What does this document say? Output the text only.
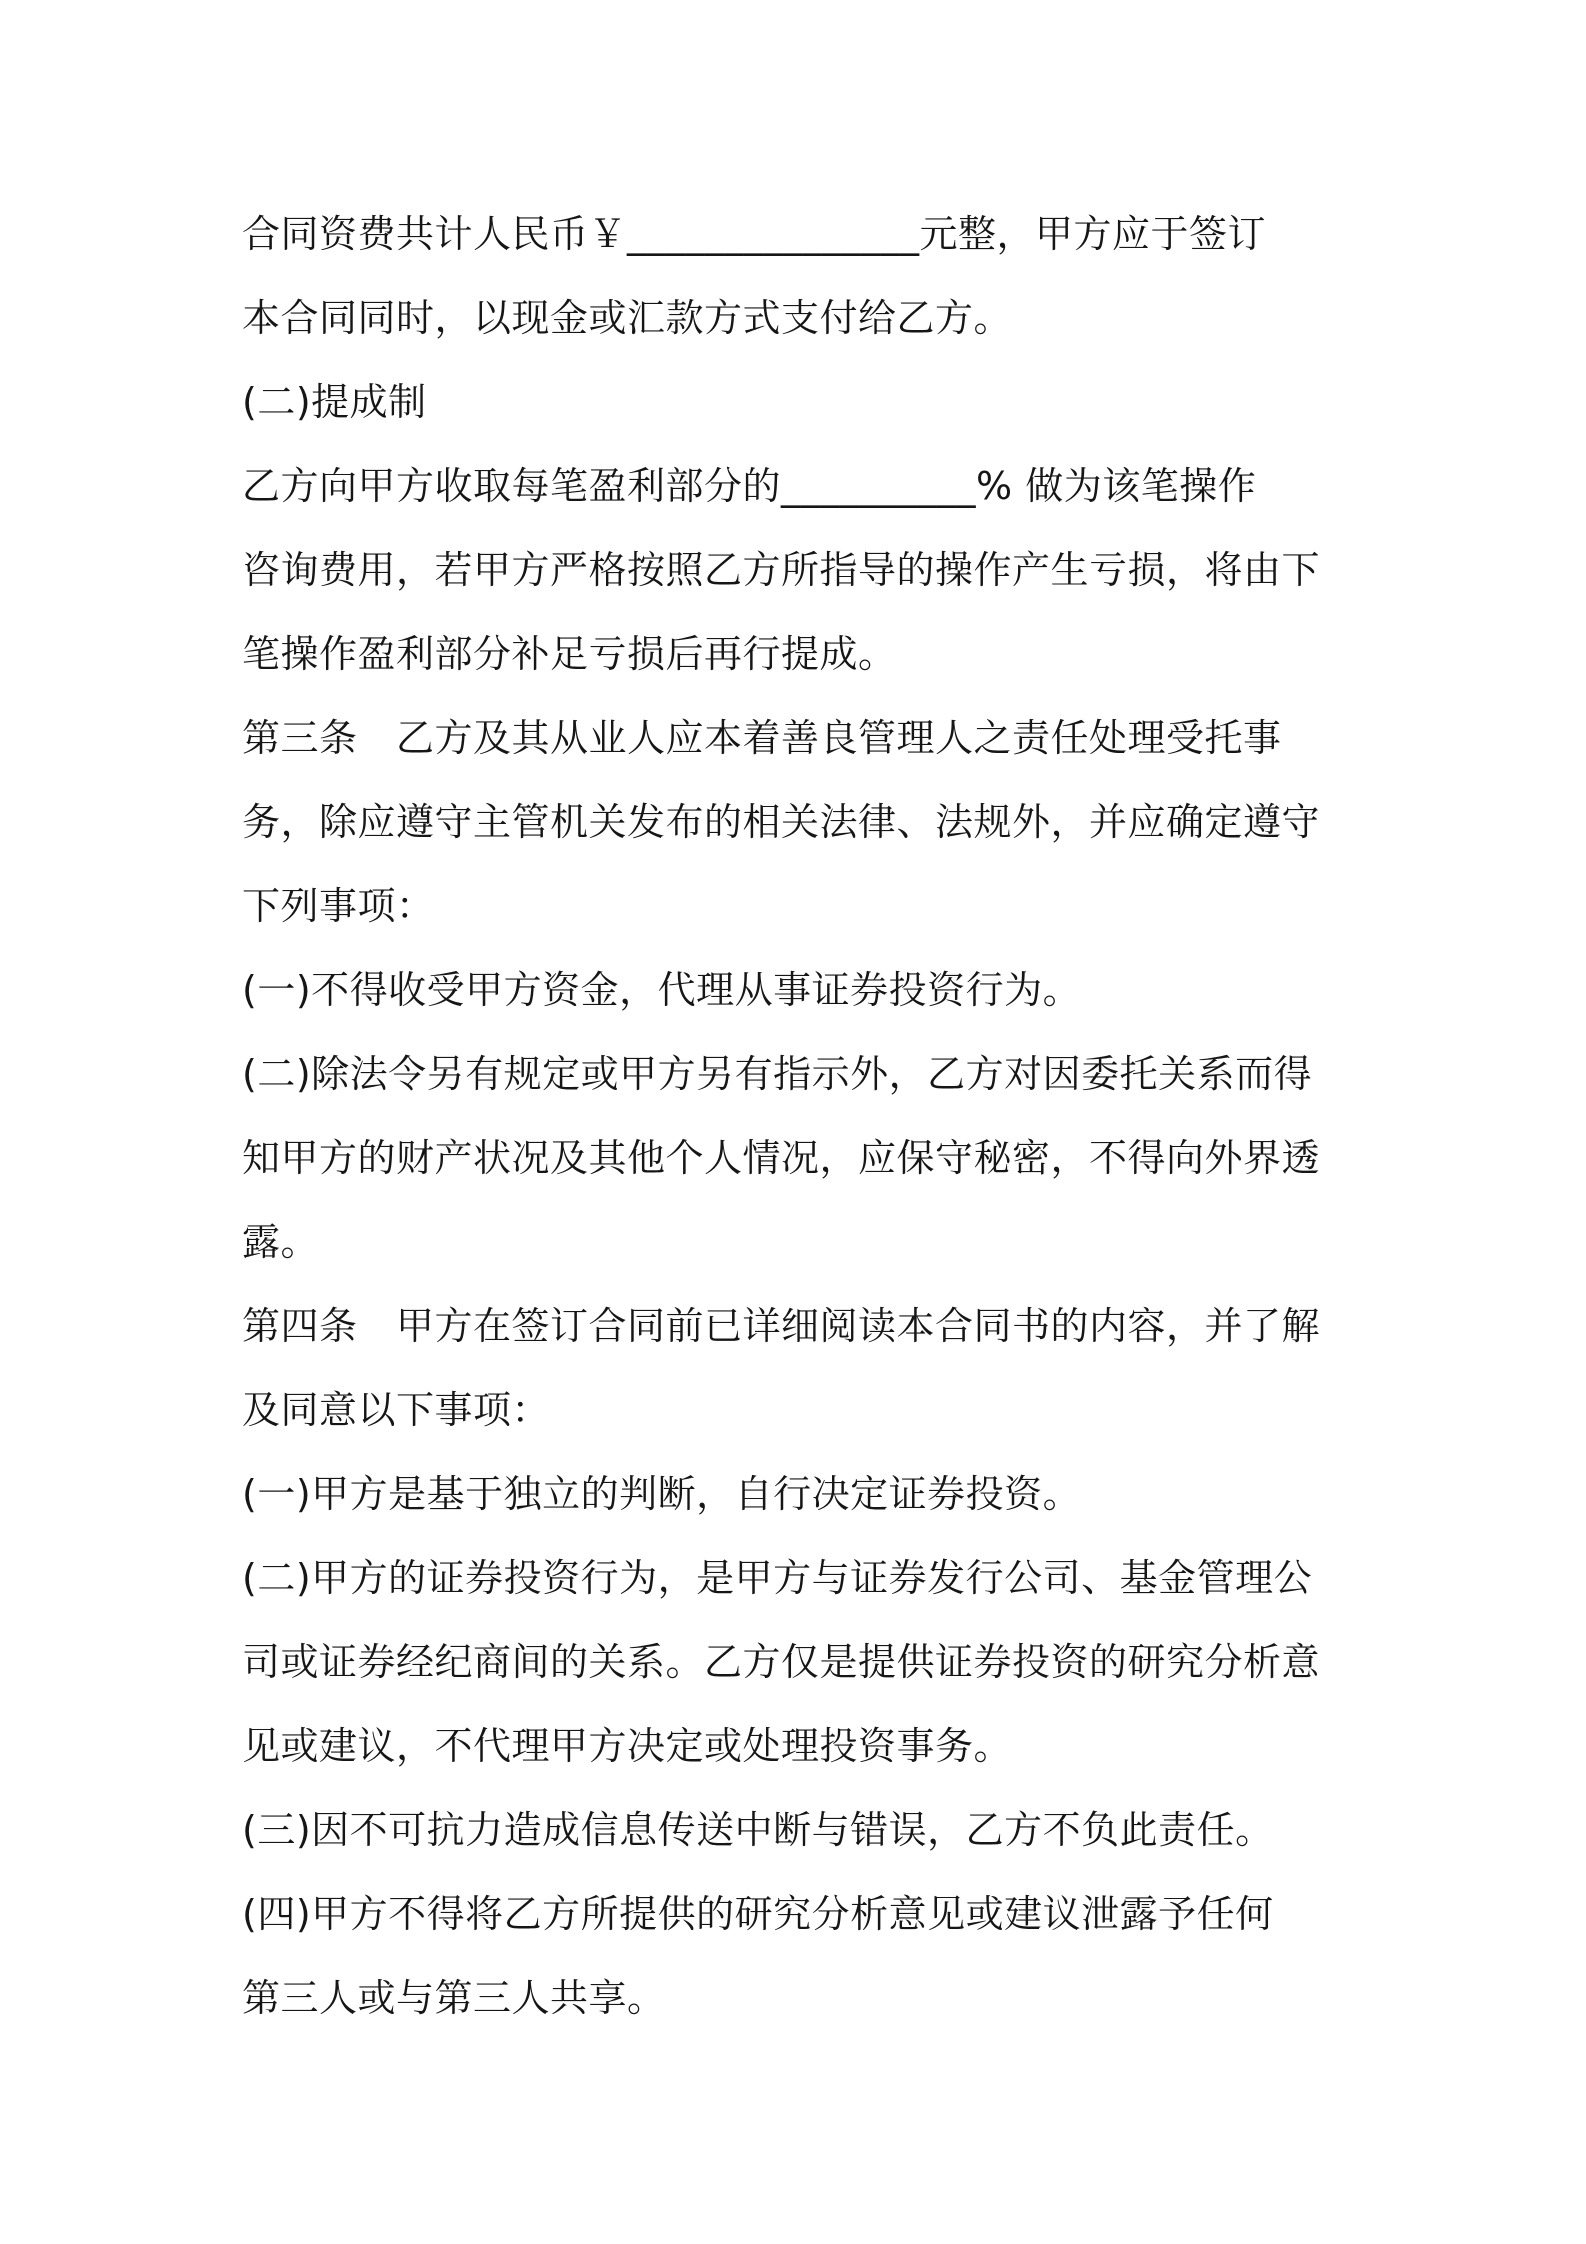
合同资费共计人民币￥_______________元整，甲方应于签订
本合同同时，以现金或汇款方式支付给乙方。

(二)提成制

乙方向甲方收取每笔盈利部分的__________% 做为该笔操作
咨询费用，若甲方严格按照乙方所指导的操作产生亏损，将由下
笔操作盈利部分补足亏损后再行提成。

第三条　乙方及其从业人应本着善良管理人之责任处理受托事
务，除应遵守主管机关发布的相关法律、法规外，并应确定遵守
下列事项：

(一)不得收受甲方资金，代理从事证券投资行为。

(二)除法令另有规定或甲方另有指示外，乙方对因委托关系而得
知甲方的财产状况及其他个人情况，应保守秘密，不得向外界透
露。

第四条　甲方在签订合同前已详细阅读本合同书的内容，并了解
及同意以下事项：

(一)甲方是基于独立的判断，自行决定证券投资。

(二)甲方的证券投资行为，是甲方与证券发行公司、基金管理公
司或证券经纪商间的关系。乙方仅是提供证券投资的研究分析意
见或建议，不代理甲方决定或处理投资事务。

(三)因不可抗力造成信息传送中断与错误，乙方不负此责任。

(四)甲方不得将乙方所提供的研究分析意见或建议泄露予任何
第三人或与第三人共享。
